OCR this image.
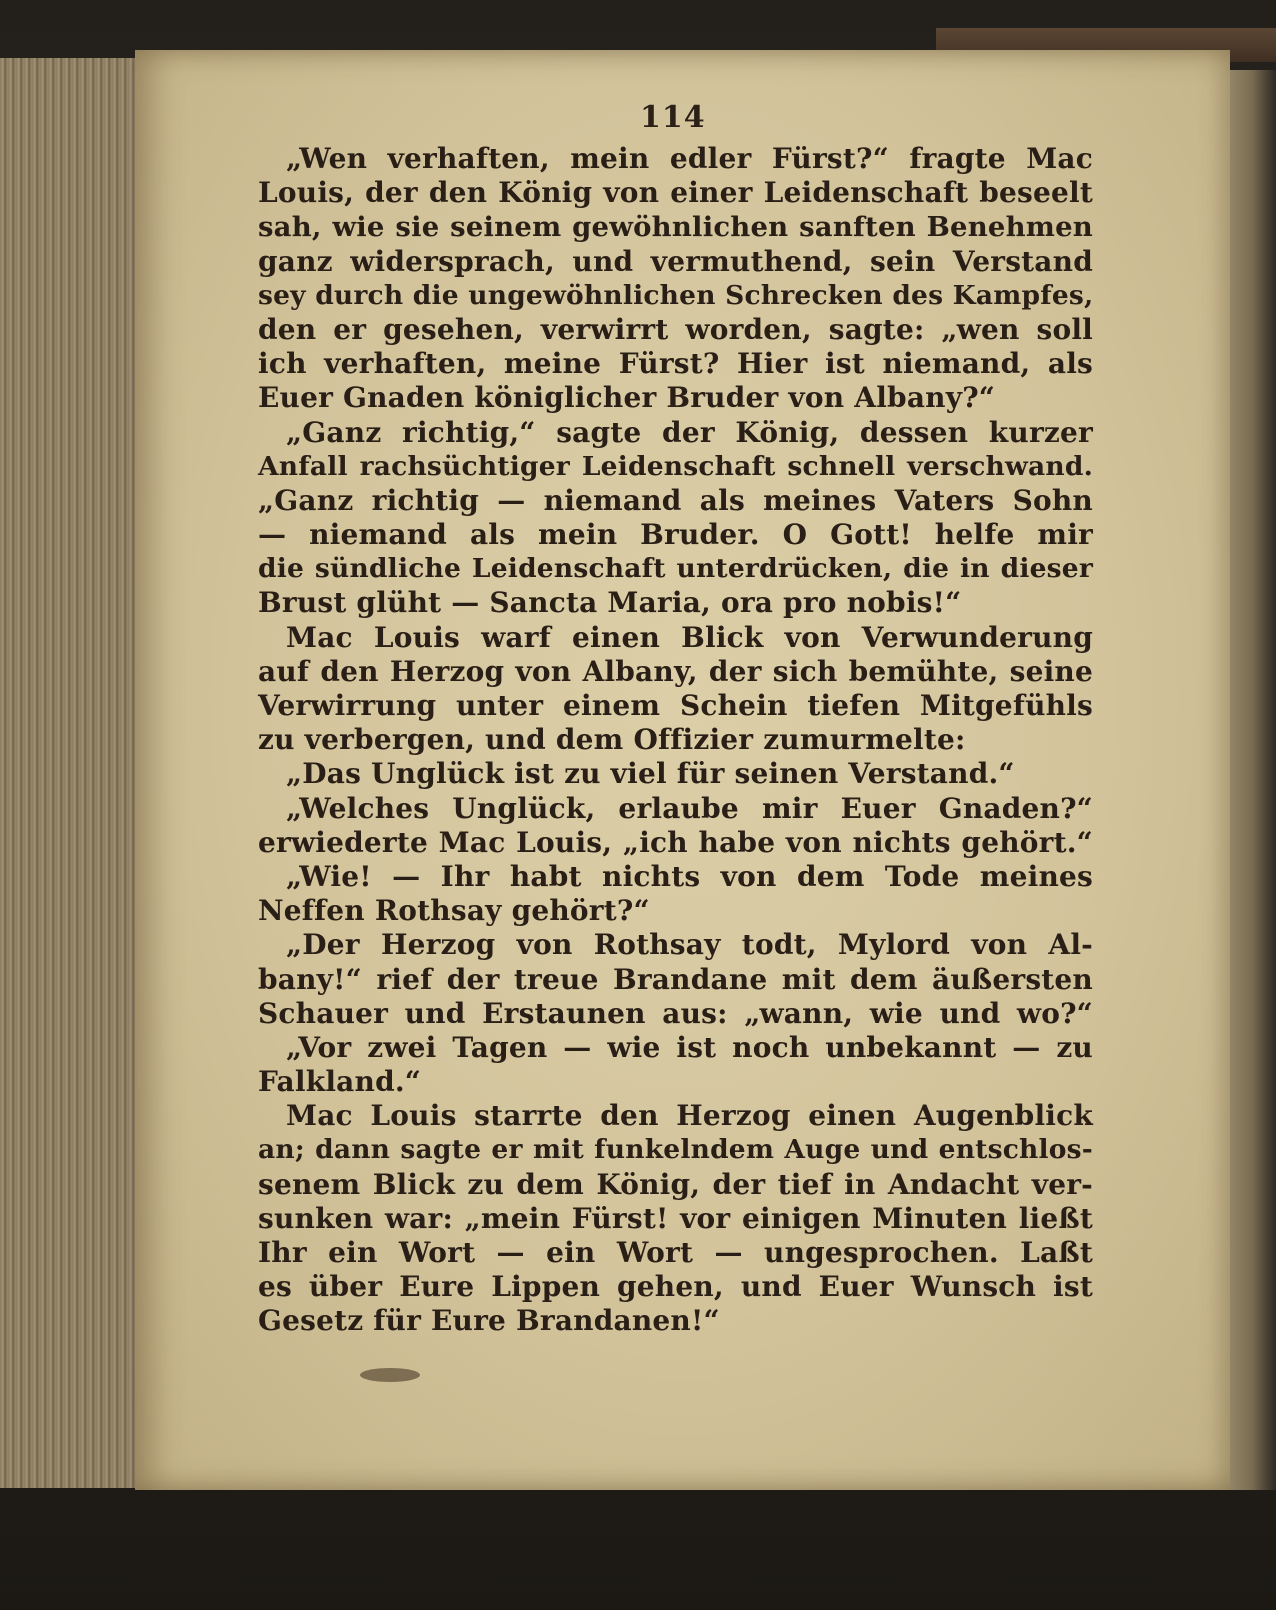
114
„Wen verhaften, mein edler Fürst?“ fragte Mac
Louis, der den König von einer Leidenschaft beseelt
sah, wie sie seinem gewöhnlichen sanften Benehmen
ganz widersprach, und vermuthend, sein Verstand
sey durch die ungewöhnlichen Schrecken des Kampfes,
den er gesehen, verwirrt worden, sagte: „wen soll
ich verhaften, meine Fürst? Hier ist niemand, als
Euer Gnaden königlicher Bruder von Albany?“
„Ganz richtig,“ sagte der König, dessen kurzer
Anfall rachsüchtiger Leidenschaft schnell verschwand.
„Ganz richtig — niemand als meines Vaters Sohn
— niemand als mein Bruder. O Gott! helfe mir
die sündliche Leidenschaft unterdrücken, die in dieser
Brust glüht — Sancta Maria, ora pro nobis!“
Mac Louis warf einen Blick von Verwunderung
auf den Herzog von Albany, der sich bemühte, seine
Verwirrung unter einem Schein tiefen Mitgefühls
zu verbergen, und dem Offizier zumurmelte:
„Das Unglück ist zu viel für seinen Verstand.“
„Welches Unglück, erlaube mir Euer Gnaden?“
erwiederte Mac Louis, „ich habe von nichts gehört.“
„Wie! — Ihr habt nichts von dem Tode meines
Neffen Rothsay gehört?“
„Der Herzog von Rothsay todt, Mylord von Al-
bany!“ rief der treue Brandane mit dem äußersten
Schauer und Erstaunen aus: „wann, wie und wo?“
„Vor zwei Tagen — wie ist noch unbekannt — zu
Falkland.“
Mac Louis starrte den Herzog einen Augenblick
an; dann sagte er mit funkelndem Auge und entschlos-
senem Blick zu dem König, der tief in Andacht ver-
sunken war: „mein Fürst! vor einigen Minuten ließt
Ihr ein Wort — ein Wort — ungesprochen. Laßt
es über Eure Lippen gehen, und Euer Wunsch ist
Gesetz für Eure Brandanen!“
